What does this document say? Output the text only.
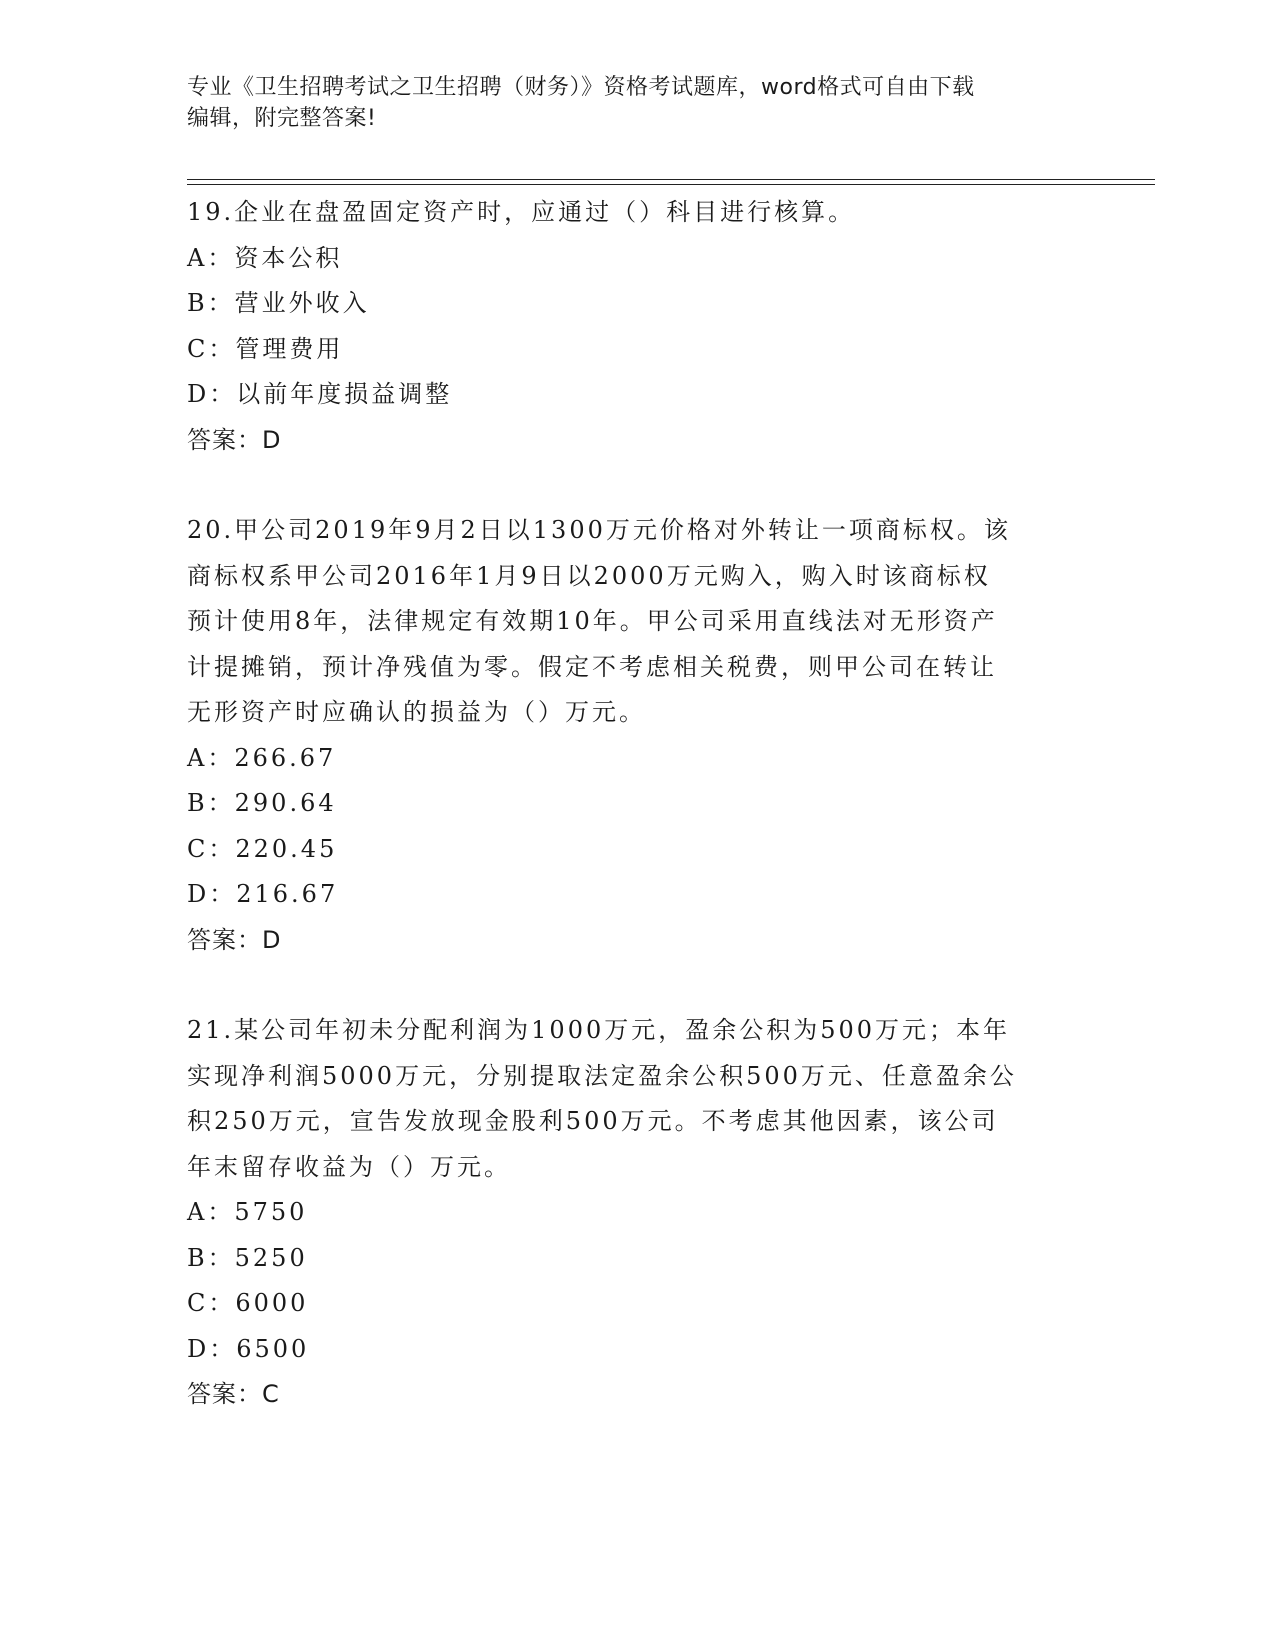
专业《卫生招聘考试之卫生招聘（财务）》资格考试题库，word格式可自由下载
编辑，附完整答案!
19.企业在盘盈固定资产时，应通过（）科目进行核算。
A：资本公积
B：营业外收入
C：管理费用
D：以前年度损益调整
答案：D
20.甲公司2019年9月2日以1300万元价格对外转让一项商标权。该
商标权系甲公司2016年1月9日以2000万元购入，购入时该商标权
预计使用8年，法律规定有效期10年。甲公司采用直线法对无形资产
计提摊销，预计净残值为零。假定不考虑相关税费，则甲公司在转让
无形资产时应确认的损益为（）万元。
A：266.67
B：290.64
C：220.45
D：216.67
答案：D
21.某公司年初未分配利润为1000万元，盈余公积为500万元；本年
实现净利润5000万元，分别提取法定盈余公积500万元、任意盈余公
积250万元，宣告发放现金股利500万元。不考虑其他因素，该公司
年末留存收益为（）万元。
A：5750
B：5250
C：6000
D：6500
答案：C
